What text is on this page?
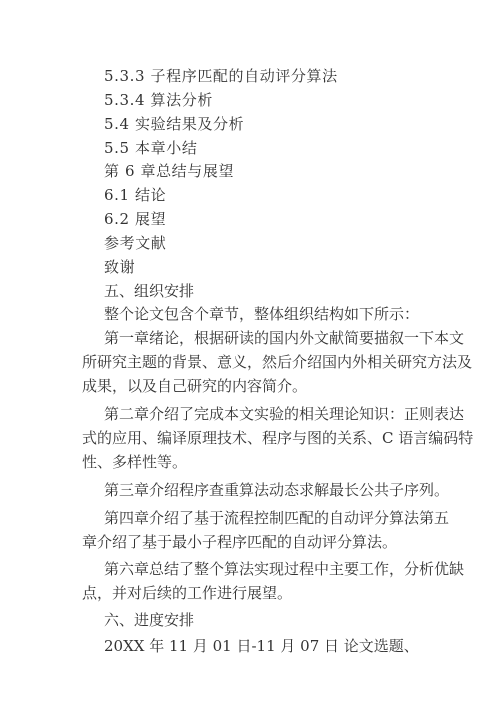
5.3.3 子程序匹配的自动评分算法
5.3.4 算法分析
5.4 实验结果及分析
5.5 本章小结
第 6 章总结与展望
6.1 结论
6.2 展望
参考文献
致谢
五、组织安排
整个论文包含个章节，整体组织结构如下所示：
第一章绪论，根据研读的国内外文献简要描叙一下本文
所研究主题的背景、意义，然后介绍国内外相关研究方法及
成果，以及自己研究的内容简介。
第二章介绍了完成本文实验的相关理论知识：正则表达
式的应用、编译原理技术、程序与图的关系、C 语言编码特
性、多样性等。
第三章介绍程序查重算法动态求解最长公共子序列。
第四章介绍了基于流程控制匹配的自动评分算法第五
章介绍了基于最小子程序匹配的自动评分算法。
第六章总结了整个算法实现过程中主要工作，分析优缺
点，并对后续的工作进行展望。
六、进度安排
20XX 年 11 月 01 日-11 月 07 日 论文选题、
